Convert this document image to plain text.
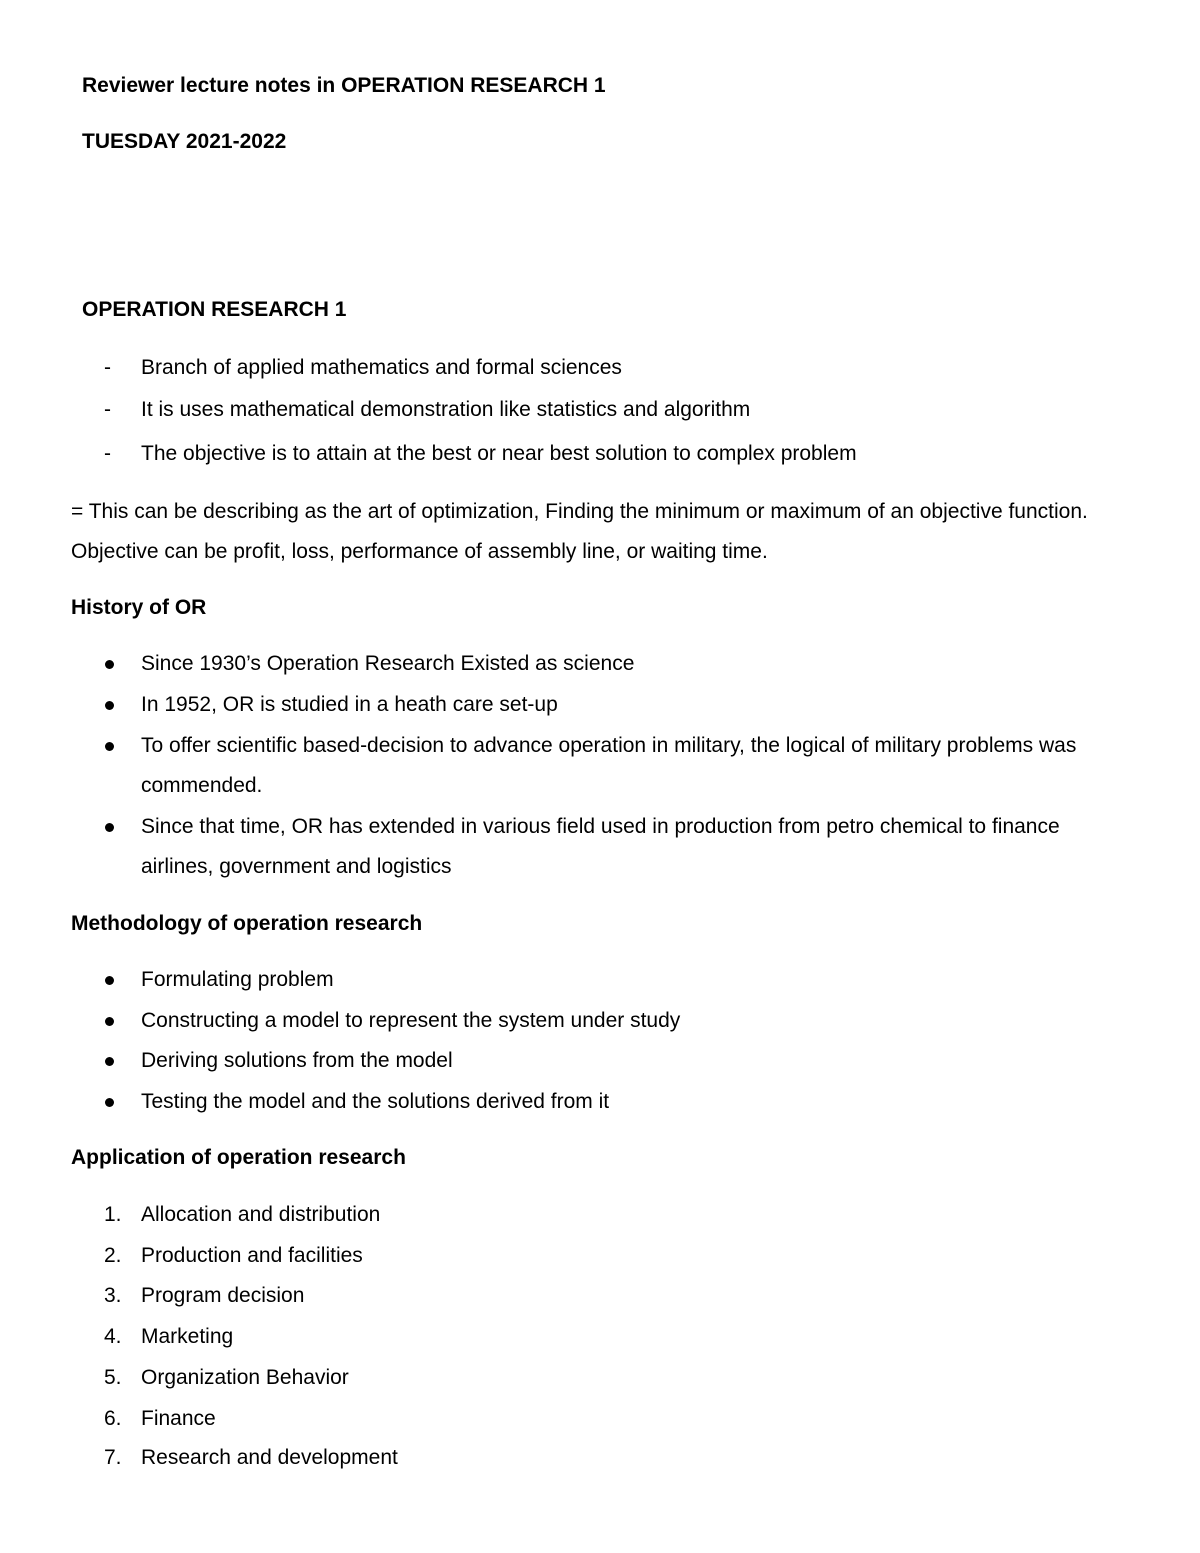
Reviewer lecture notes in OPERATION RESEARCH 1
TUESDAY 2021-2022
OPERATION RESEARCH 1
- Branch of applied mathematics and formal sciences
- It is uses mathematical demonstration like statistics and algorithm
- The objective is to attain at the best or near best solution to complex problem

= This can be describing as the art of optimization, Finding the minimum or maximum of an objective function. Objective can be profit, loss, performance of assembly line, or waiting time.

History of OR
Since 1930’s Operation Research Existed as science
In 1952, OR is studied in a heath care set-up

To offer scientific based-decision to advance operation in military, the logical of military problems was commended.

Since that time, OR has extended in various field used in production from petro chemical to finance airlines, government and logistics

Methodology of operation research
Formulating problem
Constructing a model to represent the system under study
Deriving solutions from the model
Testing the model and the solutions derived from it
Application of operation research
1. Allocation and distribution
2. Production and facilities
3. Program decision
4. Marketing
5. Organization Behavior
6. Finance
7. Research and development
